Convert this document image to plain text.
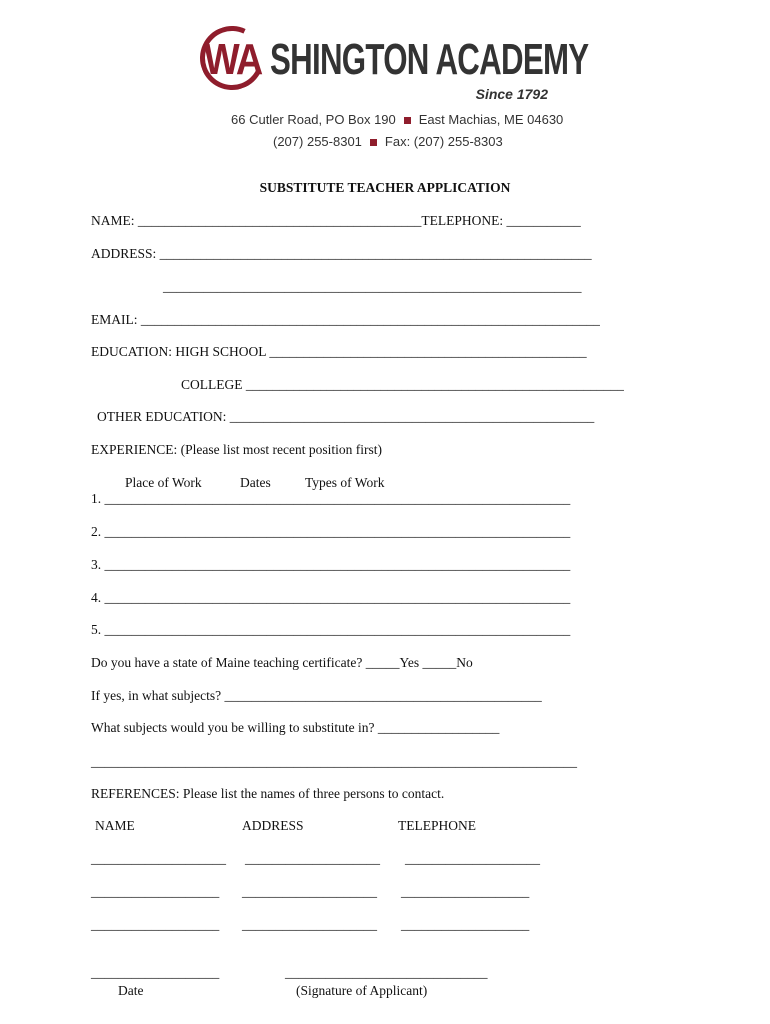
WA SHINGTON ACADEMY
Since 1792
66 Cutler Road, PO Box 190 East Machias, ME 04630
(207) 255-8301 Fax: (207) 255-8303
SUBSTITUTE TEACHER APPLICATION
NAME: __________________________________________TELEPHONE: ___________
ADDRESS: ________________________________________________________________
______________________________________________________________
EMAIL: ____________________________________________________________________
EDUCATION: HIGH SCHOOL _______________________________________________
COLLEGE ________________________________________________________
OTHER EDUCATION: ______________________________________________________
EXPERIENCE: (Please list most recent position first)
Place of Work	Dates	Types of Work
1. _____________________________________________________________________
2. _____________________________________________________________________
3. _____________________________________________________________________
4. _____________________________________________________________________
5. _____________________________________________________________________
Do you have a state of Maine teaching certificate? _____Yes _____No
If yes, in what subjects? _______________________________________________
What subjects would you be willing to substitute in? __________________
________________________________________________________________________
REFERENCES: Please list the names of three persons to contact.
NAME	ADDRESS	TELEPHONE
____________________ ____________________ ____________________
___________________ ____________________ ___________________
___________________ ____________________ ___________________
___________________
Date
______________________________
(Signature of Applicant)
